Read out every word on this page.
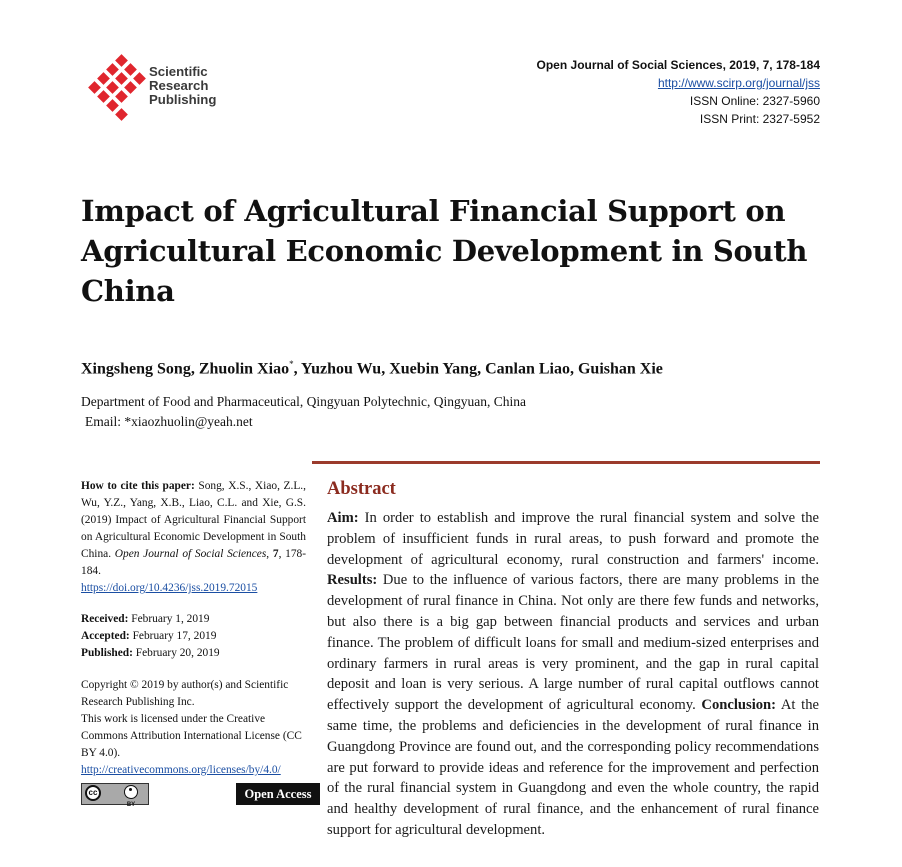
Scientific
Research
Publishing
Open Journal of Social Sciences, 2019, 7, 178-184
http://www.scirp.org/journal/jss
ISSN Online: 2327-5960
ISSN Print: 2327-5952
Impact of Agricultural Financial Support on Agricultural Economic Development in South China
Xingsheng Song, Zhuolin Xiao*, Yuzhou Wu, Xuebin Yang, Canlan Liao, Guishan Xie
Department of Food and Pharmaceutical, Qingyuan Polytechnic, Qingyuan, China
Email: *xiaozhuolin@yeah.net

How to cite this paper: Song, X.S., Xiao, Z.L., Wu, Y.Z., Yang, X.B., Liao, C.L. and Xie, G.S. (2019) Impact of Agricultural Financial Support on Agricultural Economic Development in South China. Open Journal of Social Sciences, 7, 178-184.
https://doi.org/10.4236/jss.2019.72015

Received: February 1, 2019
Accepted: February 17, 2019
Published: February 20, 2019

Copyright © 2019 by author(s) and Scientific Research Publishing Inc.
This work is licensed under the Creative Commons Attribution International License (CC BY 4.0).
http://creativecommons.org/licenses/by/4.0/

cc
BY
Open Access
Abstract
Aim: In order to establish and improve the rural financial system and solve the problem of insufficient funds in rural areas, to push forward and promote the development of agricultural economy, rural construction and farmers' income. Results: Due to the influence of various factors, there are many problems in the development of rural finance in China. Not only are there few funds and networks, but also there is a big gap between financial products and services and urban finance. The problem of difficult loans for small and medium-sized enterprises and ordinary farmers in rural areas is very prominent, and the gap in rural capital deposit and loan is very serious. A large number of rural capital outflows cannot effectively support the development of agricultural economy. Conclusion: At the same time, the problems and deficiencies in the development of rural finance in Guangdong Province are found out, and the corresponding policy recommendations are put forward to provide ideas and reference for the improvement and perfection of the rural financial system in Guangdong and even the whole country, the rapid and healthy development of rural finance, and the enhancement of rural finance support for agricultural development.
